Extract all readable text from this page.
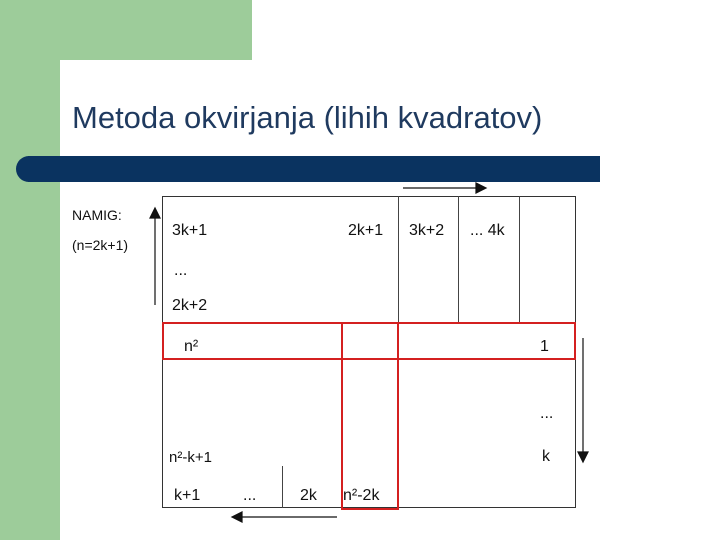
Metoda okvirjanja (lihih kvadratov)
NAMIG:
(n=2k+1)
3k+1	2k+1 3k+2 ... 4k
...
2k+2
n²
n²-k+1
k+1
1
...
k
...	2k n²-2k
